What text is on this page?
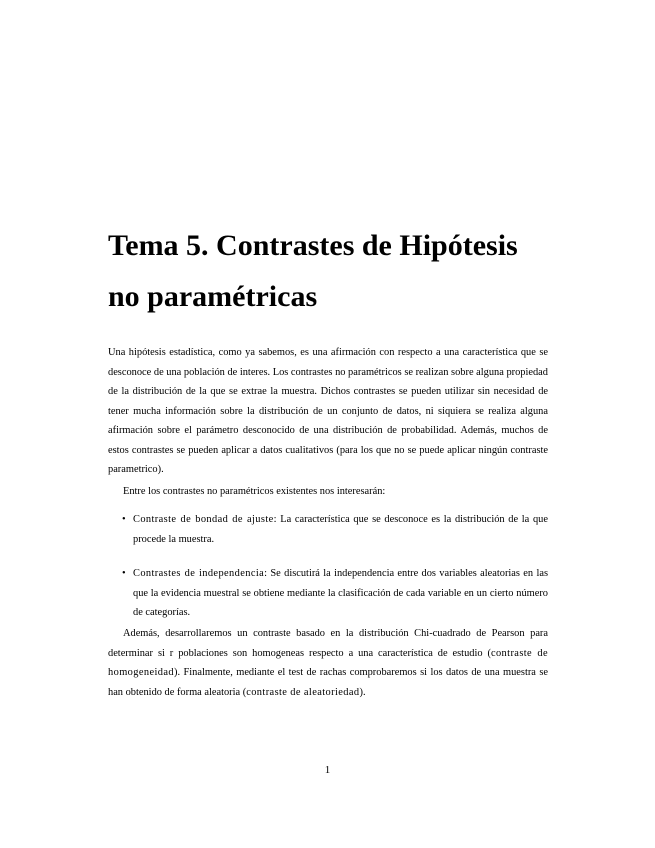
Tema 5. Contrastes de Hipótesis
no paramétricas

Una hipótesis estadística, como ya sabemos, es una afirmación con respecto a una característica que se desconoce de una población de interes. Los contrastes no paramétricos se realizan sobre alguna propiedad de la distribución de la que se extrae la muestra. Dichos contrastes se pueden utilizar sin necesidad de tener mucha información sobre la distribución de un conjunto de datos, ni siquiera se realiza alguna afirmación sobre el parámetro desconocido de una distribución de probabilidad. Además, muchos de estos contrastes se pueden aplicar a datos cualitativos (para los que no se puede aplicar ningún contraste parametrico).

Entre los contrastes no paramétricos existentes nos interesarán:

• Contraste de bondad de ajuste: La característica que se desconoce es la distribución de la que procede la muestra.
• Contrastes de independencia: Se discutirá la independencia entre dos variables aleatorias en las que la evidencia muestral se obtiene mediante la clasificación de cada variable en un cierto número de categorías.

Además, desarrollaremos un contraste basado en la distribución Chi-cuadrado de Pearson para determinar si r poblaciones son homogeneas respecto a una característica de estudio (contraste de homogeneidad). Finalmente, mediante el test de rachas comprobaremos si los datos de una muestra se han obtenido de forma aleatoria (contraste de aleatoriedad).

1
